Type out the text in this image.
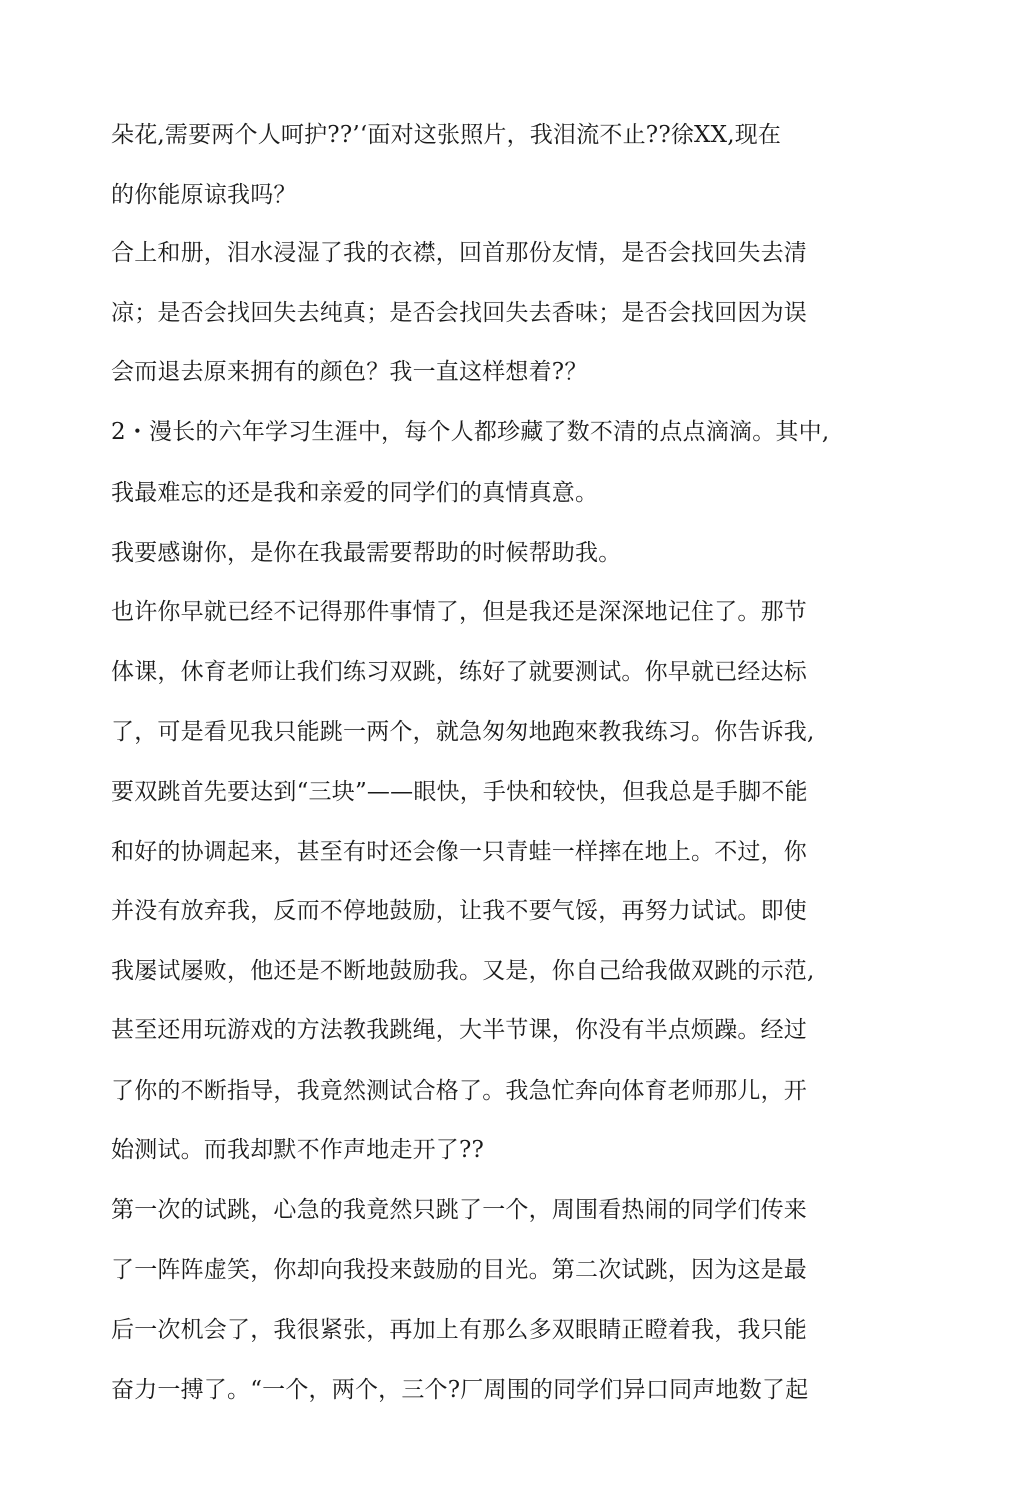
朵花,需要两个人呵护??’‘面对这张照片，我泪流不止??徐XX,现在
的你能原谅我吗？
合上和册，泪水浸湿了我的衣襟，回首那份友情，是否会找回失去清
凉；是否会找回失去纯真；是否会找回失去香味；是否会找回因为误
会而退去原来拥有的颜色？我一直这样想着?？
2・漫长的六年学习生涯中，每个人都珍藏了数不清的点点滴滴。其中,
我最难忘的还是我和亲爱的同学们的真情真意。
我要感谢你，是你在我最需要帮助的时候帮助我。
也许你早就已经不记得那件事情了，但是我还是深深地记住了。那节
体课，休育老师让我们练习双跳，练好了就要测试。你早就已经达标
了，可是看见我只能跳一两个，就急匆匆地跑來教我练习。你告诉我,
要双跳首先要达到“三块”——眼快，手快和较快，但我总是手脚不能
和好的协调起来，甚至有时还会像一只青蛙一样摔在地上。不过，你
并没有放弃我，反而不停地鼓励，让我不要气馁，再努力试试。即使
我屡试屡败，他还是不断地鼓励我。又是，你自己给我做双跳的示范,
甚至还用玩游戏的方法教我跳绳，大半节课，你没有半点烦躁。经过
了你的不断指导，我竟然测试合格了。我急忙奔向体育老师那儿，开
始测试。而我却默不作声地走开了??
第一次的试跳，心急的我竟然只跳了一个，周围看热闹的同学们传来
了一阵阵虚笑，你却向我投来鼓励的目光。第二次试跳，因为这是最
后一次机会了，我很紧张，再加上有那么多双眼睛正瞪着我，我只能
奋力一搏了。“一个，两个，三个?厂周围的同学们异口同声地数了起
